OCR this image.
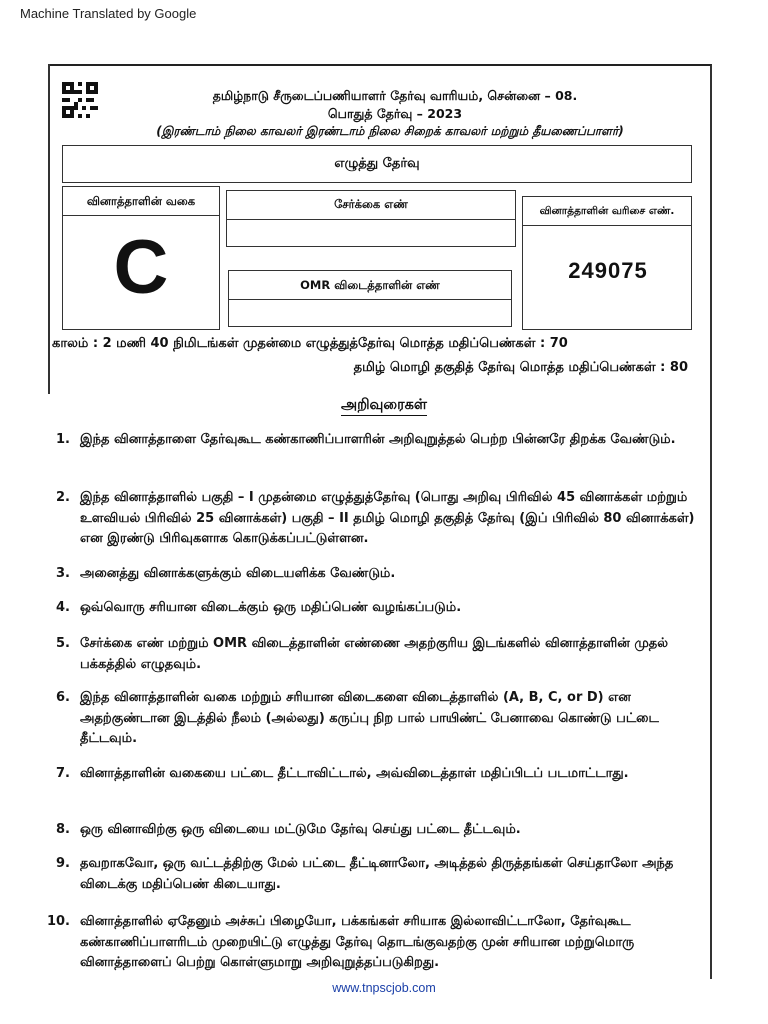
Machine Translated by Google
தமிழ்நாடு சீருடைப்பணியாளர் தேர்வு வாரியம், சென்னை – 08.
பொதுத் தேர்வு – 2023
(இரண்டாம் நிலை காவலர் இரண்டாம் நிலை சிறைக் காவலர் மற்றும் தீயணைப்பாளர்)
எழுத்து தேர்வு
வினாத்தாளின் வகை
C
சேர்க்கை எண்
OMR விடைத்தாளின் எண்
வினாத்தாளின் வரிசை எண்.
249075
காலம் : 2 மணி 40 நிமிடங்கள் முதன்மை எழுத்துத்தேர்வு மொத்த மதிப்பெண்கள் : 70
தமிழ் மொழி தகுதித் தேர்வு மொத்த மதிப்பெண்கள் : 80
அறிவுரைகள்
1. இந்த வினாத்தாளை தேர்வுகூட கண்காணிப்பாளரின் அறிவுறுத்தல் பெற்ற பின்னரே திறக்க வேண்டும்.
2. இந்த வினாத்தாளில் பகுதி – I முதன்மை எழுத்துத்தேர்வு (பொது அறிவு பிரிவில் 45 வினாக்கள் மற்றும் உளவியல் பிரிவில் 25 வினாக்கள்) பகுதி – II தமிழ் மொழி தகுதித் தேர்வு (இப் பிரிவில் 80 வினாக்கள்) என இரண்டு பிரிவுகளாக கொடுக்கப்பட்டுள்ளன.
3. அனைத்து வினாக்களுக்கும் விடையளிக்க வேண்டும்.
4. ஒவ்வொரு சரியான விடைக்கும் ஒரு மதிப்பெண் வழங்கப்படும்.
5. சேர்க்கை எண் மற்றும் OMR விடைத்தாளின் எண்ணை அதற்குரிய இடங்களில் வினாத்தாளின் முதல் பக்கத்தில் எழுதவும்.
6. இந்த வினாத்தாளின் வகை மற்றும் சரியான விடைகளை விடைத்தாளில் (A, B, C, or D) என அதற்குண்டான இடத்தில் நீலம் (அல்லது) கருப்பு நிற பால் பாயிண்ட் பேனாவை கொண்டு பட்டை தீட்டவும்.
7. வினாத்தாளின் வகையை பட்டை தீட்டாவிட்டால், அவ்விடைத்தாள் மதிப்பிடப் படமாட்டாது.
8. ஒரு வினாவிற்கு ஒரு விடையை மட்டுமே தேர்வு செய்து பட்டை தீட்டவும்.
9. தவறாகவோ, ஒரு வட்டத்திற்கு மேல் பட்டை தீட்டினாலோ, அடித்தல் திருத்தங்கள் செய்தாலோ அந்த விடைக்கு மதிப்பெண் கிடையாது.
10. வினாத்தாளில் ஏதேனும் அச்சுப் பிழையோ, பக்கங்கள் சரியாக இல்லாவிட்டாலோ, தேர்வுகூட கண்காணிப்பாளரிடம் முறையிட்டு எழுத்து தேர்வு தொடங்குவதற்கு முன் சரியான மற்றுமொரு வினாத்தாளைப் பெற்று கொள்ளுமாறு அறிவுறுத்தப்படுகிறது.
www.tnpscjob.com
